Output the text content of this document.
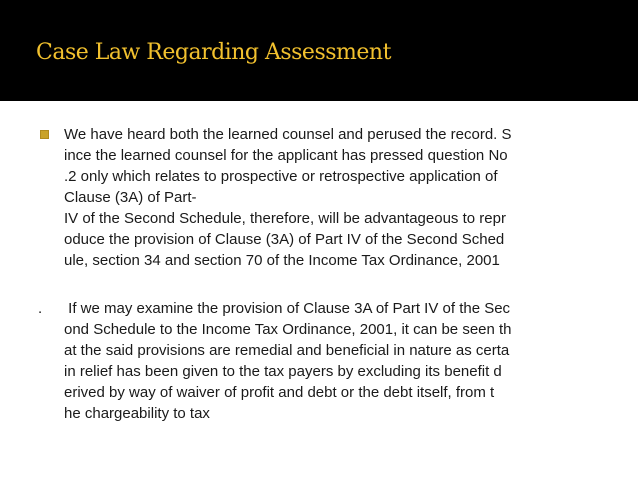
Case Law Regarding Assessment
We have heard both the learned counsel and perused the record. S
ince the learned counsel for the applicant has pressed question No
.2 only which relates to prospective or retrospective application of
Clause (3A) of Part-
IV of the Second Schedule, therefore, will be advantageous to repr
oduce the provision of Clause (3A) of Part IV of the Second Sched
ule, section 34 and section 70 of the Income Tax Ordinance, 2001
.	If we may examine the provision of Clause 3A of Part IV of the Sec
ond Schedule to the Income Tax Ordinance, 2001, it can be seen th
at the said provisions are remedial and beneficial in nature as certa
in relief has been given to the tax payers by excluding its benefit d
erived by way of waiver of profit and debt or the debt itself, from t
he chargeability to tax
